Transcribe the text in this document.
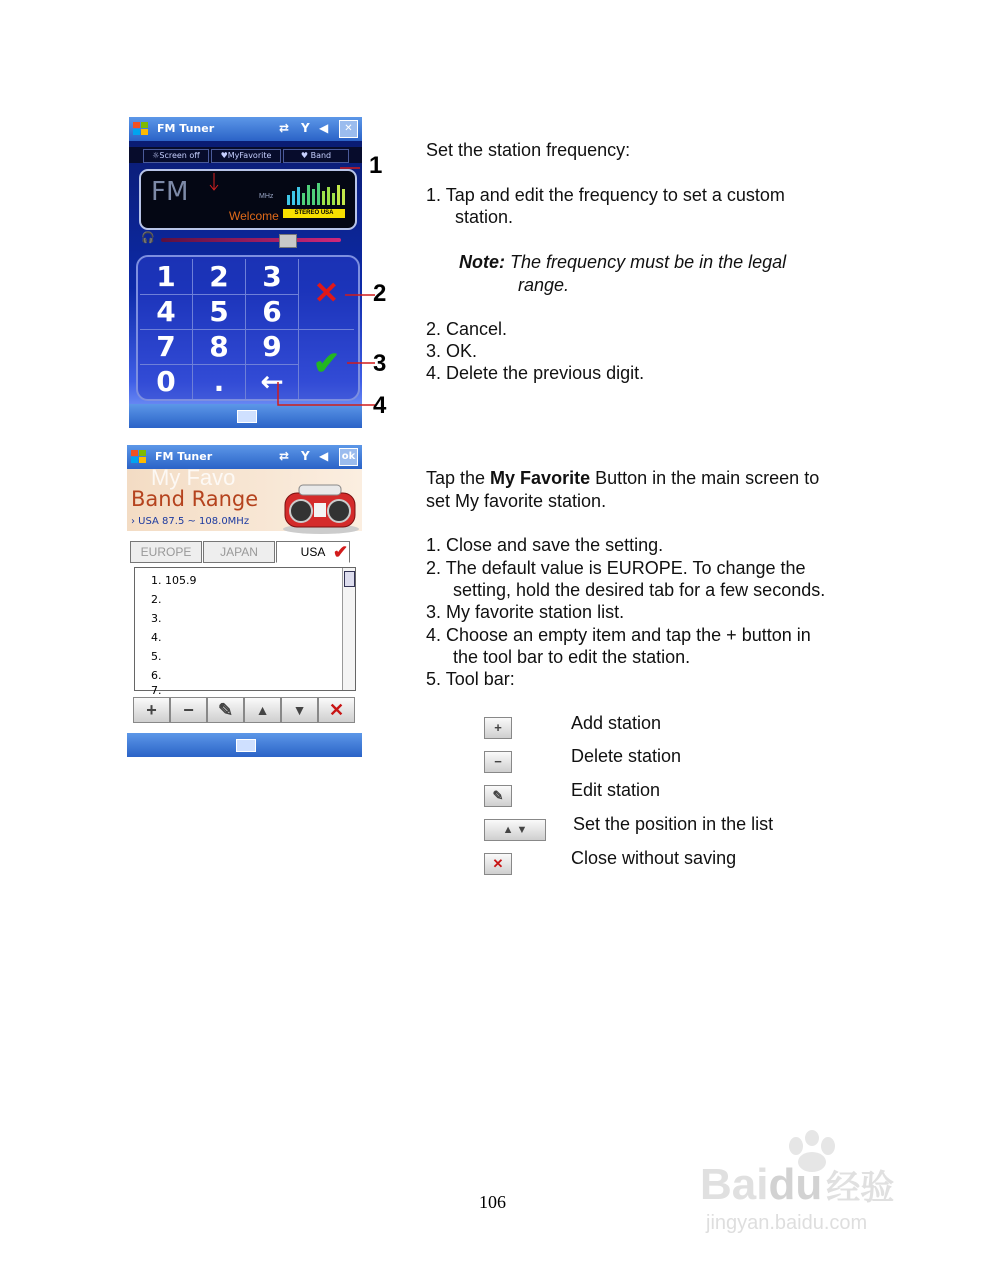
FM Tuner	⇄ Y ◀	✕
☼Screen off	♥MyFavorite	♥ Band
FM	MHz
Welcome	STEREO USA
🎧
1	2	3
4	5	6
7	8	9
0	.	←
✕
✔
1
2
3
4
FM Tuner	⇄ Y ◀ ok
My Favo
Band Range
› USA 87.5 ~ 108.0MHz
EUROPE	JAPAN	USA ✔
1. 105.9
2.
3.
4.
5.
6.
7.
+	−	✎	▲	▼	✕
Set the station frequency:
1. Tap and edit the frequency to set a custom
station.
Note: The frequency must be in the legal
range.
2. Cancel.
3. OK.
4. Delete the previous digit.
Tap the My Favorite Button in the main screen to
set My favorite station.
1. Close and save the setting.
2. The default value is EUROPE. To change the
setting, hold the desired tab for a few seconds.
3. My favorite station list.
4. Choose an empty item and tap the + button in
the tool bar to edit the station.
5. Tool bar:
+	Add station
−	Delete station
✎	Edit station
▲ ▼	Set the position in the list
✕	Close without saving
106	Baidu 经验
jingyan.baidu.com
